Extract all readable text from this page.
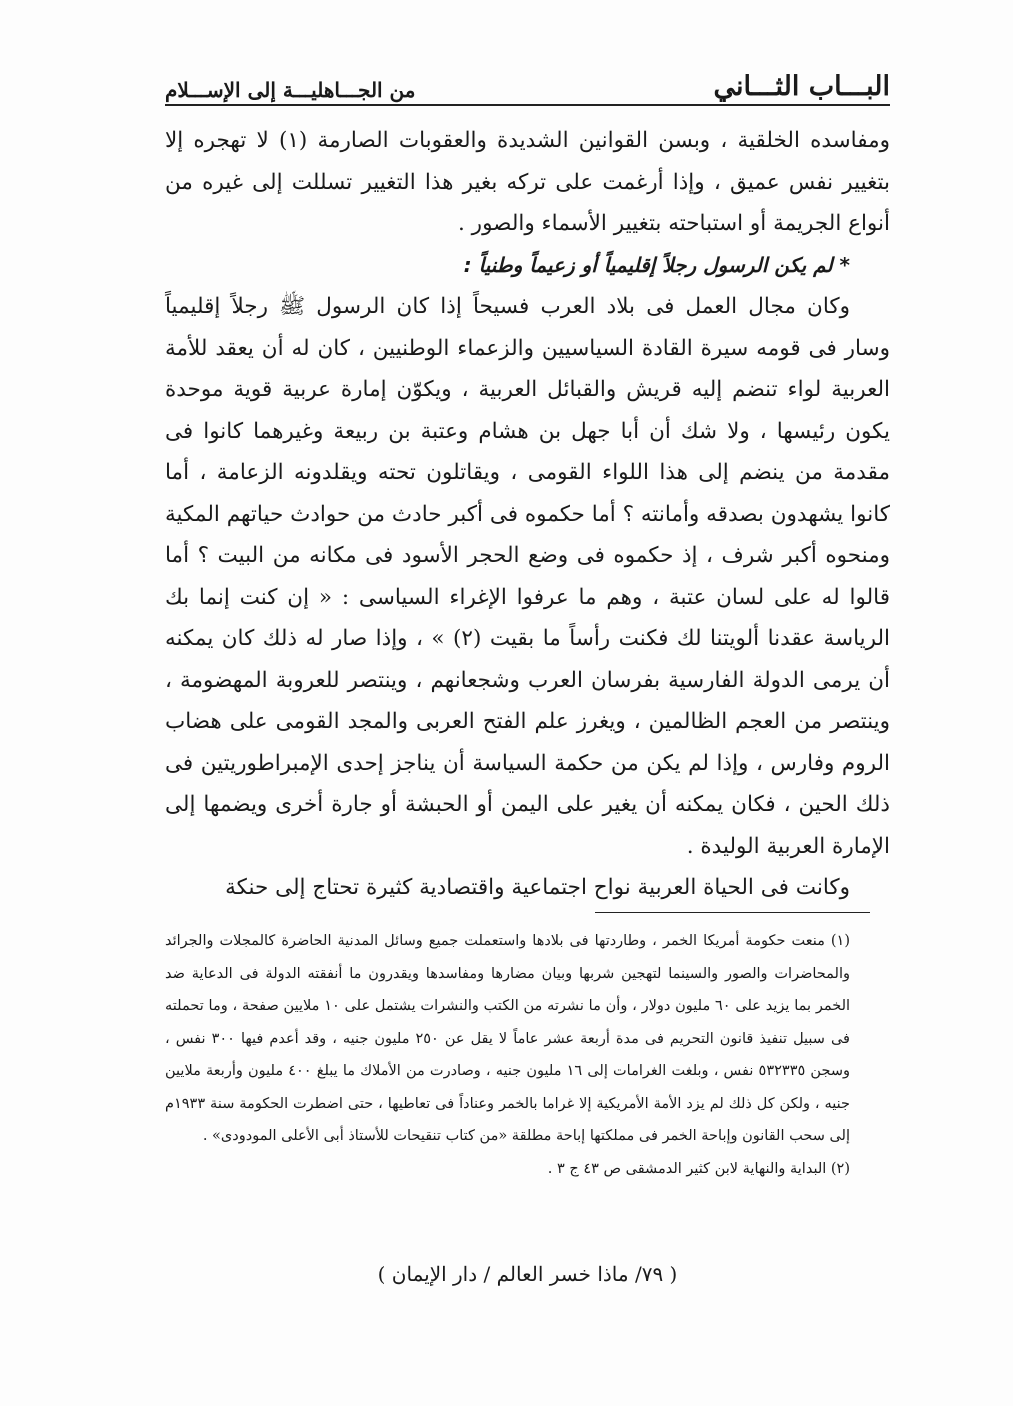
البـــاب الثـــاني
من الجـــاهليـــة إلى الإســـلام

ومفاسده الخلقية ، وبسن القوانين الشديدة والعقوبات الصارمة (١) لا تهجره إلا بتغيير نفس عميق ، وإذا أرغمت على تركه بغير هذا التغيير تسللت إلى غيره من أنواع الجريمة أو استباحته بتغيير الأسماء والصور .

* لم يكن الرسول رجلاً إقليمياً أو زعيماً وطنياً :

وكان مجال العمل فى بلاد العرب فسيحاً إذا كان الرسول ﷺ رجلاً إقليمياً وسار فى قومه سيرة القادة السياسيين والزعماء الوطنيين ، كان له أن يعقد للأمة العربية لواء تنضم إليه قريش والقبائل العربية ، ويكوّن إمارة عربية قوية موحدة يكون رئيسها ، ولا شك أن أبا جهل بن هشام وعتبة بن ربيعة وغيرهما كانوا فى مقدمة من ينضم إلى هذا اللواء القومى ، ويقاتلون تحته ويقلدونه الزعامة ، أما كانوا يشهدون بصدقه وأمانته ؟ أما حكموه فى أكبر حادث من حوادث حياتهم المكية ومنحوه أكبر شرف ، إذ حكموه فى وضع الحجر الأسود فى مكانه من البيت ؟ أما قالوا له على لسان عتبة ، وهم ما عرفوا الإغراء السياسى : « إن كنت إنما بك الرياسة عقدنا ألويتنا لك فكنت رأساً ما بقيت (٢) » ، وإذا صار له ذلك كان يمكنه أن يرمى الدولة الفارسية بفرسان العرب وشجعانهم ، وينتصر للعروبة المهضومة ، وينتصر من العجم الظالمين ، ويغرز علم الفتح العربى والمجد القومى على هضاب الروم وفارس ، وإذا لم يكن من حكمة السياسة أن يناجز إحدى الإمبراطوريتين فى ذلك الحين ، فكان يمكنه أن يغير على اليمن أو الحبشة أو جارة أخرى ويضمها إلى الإمارة العربية الوليدة .

وكانت فى الحياة العربية نواح اجتماعية واقتصادية كثيرة تحتاج إلى حنكة

(١) منعت حكومة أمريكا الخمر ، وطاردتها فى بلادها واستعملت جميع وسائل المدنية الحاضرة كالمجلات والجرائد والمحاضرات والصور والسينما لتهجين شربها وبيان مضارها ومفاسدها ويقدرون ما أنفقته الدولة فى الدعاية ضد الخمر بما يزيد على ٦٠ مليون دولار ، وأن ما نشرته من الكتب والنشرات يشتمل على ١٠ ملايين صفحة ، وما تحملته فى سبيل تنفيذ قانون التحريم فى مدة أربعة عشر عاماً لا يقل عن ٢٥٠ مليون جنيه ، وقد أعدم فيها ٣٠٠ نفس ، وسجن ٥٣٢٣٣٥ نفس ، وبلغت الغرامات إلى ١٦ مليون جنيه ، وصادرت من الأملاك ما يبلغ ٤٠٠ مليون وأربعة ملايين جنيه ، ولكن كل ذلك لم يزد الأمة الأمريكية إلا غراما بالخمر وعناداً فى تعاطيها ، حتى اضطرت الحكومة سنة ١٩٣٣م إلى سحب القانون وإباحة الخمر فى مملكتها إباحة مطلقة «من كتاب تنقيحات للأستاذ أبى الأعلى المودودى» .

(٢) البداية والنهاية لابن كثير الدمشقى ص ٤٣ ج ٣ .

( ٧٩/ ماذا خسر العالم / دار الإيمان )
